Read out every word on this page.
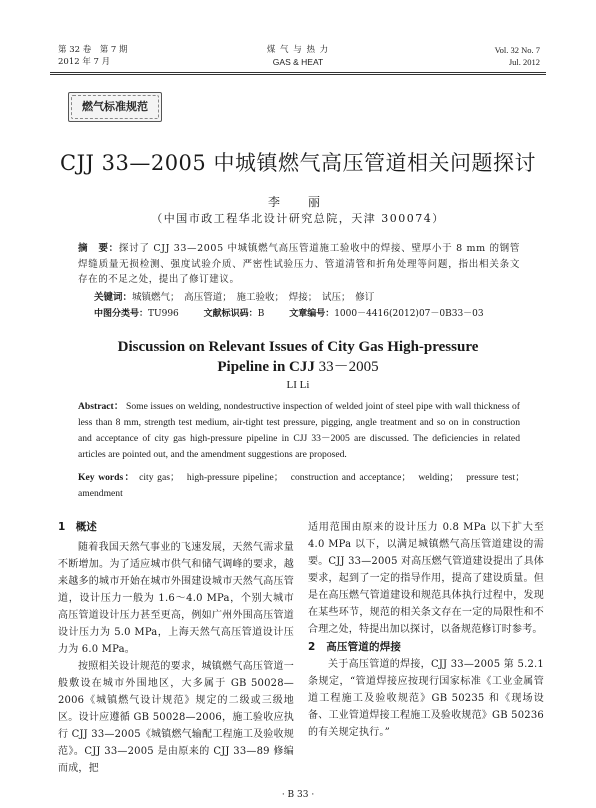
第 32 卷　第 7 期
2012 年 7 月
煤 气 与 热 力
GAS & HEAT
Vol. 32 No. 7
Jul. 2012
燃气标准规范
CJJ 33—2005 中城镇燃气高压管道相关问题探讨
李　丽
（中国市政工程华北设计研究总院，天津 300074）
摘　要：探讨了 CJJ 33—2005 中城镇燃气高压管道施工验收中的焊接、壁厚小于 8 mm 的钢管焊缝质量无损检测、强度试验介质、严密性试验压力、管道清管和折角处理等问题，指出相关条文存在的不足之处，提出了修订建议。
关键词：城镇燃气；　高压管道；　施工验收；　焊接；　试压；　修订
中图分类号：TU996	文献标识码：B	文章编号：1000－4416(2012)07－0B33－03
Discussion on Relevant Issues of City Gas High-pressure
Pipeline in CJJ 33－2005
LI Li
Abstract： Some issues on welding, nondestructive inspection of welded joint of steel pipe with wall thickness of less than 8 mm, strength test medium, air-tight test pressure, pigging, angle treatment and so on in construction and acceptance of city gas high-pressure pipeline in CJJ 33－2005 are discussed. The deficiencies in related articles are pointed out, and the amendment suggestions are proposed.
Key words： city gas；　high-pressure pipeline；　construction and acceptance；　welding；　pressure test；　amendment
1　概述
随着我国天然气事业的飞速发展，天然气需求量不断增加。为了适应城市供气和储气调峰的要求，越来越多的城市开始在城市外围建设城市天然气高压管道，设计压力一般为 1.6～4.0 MPa，个别大城市高压管道设计压力甚至更高，例如广州外围高压管道设计压力为 5.0 MPa，上海天然气高压管道设计压力为 6.0 MPa。
按照相关设计规范的要求，城镇燃气高压管道一般敷设在城市外围地区，大多属于 GB 50028—2006《城镇燃气设计规范》规定的二级或三级地区。设计应遵循 GB 50028—2006，施工验收应执行 CJJ 33—2005《城镇燃气输配工程施工及验收规范》。CJJ 33—2005 是由原来的 CJJ 33—89 修编而成，把
适用范围由原来的设计压力 0.8 MPa 以下扩大至 4.0 MPa 以下，以满足城镇燃气高压管道建设的需要。CJJ 33—2005 对高压燃气管道建设提出了具体要求，起到了一定的指导作用，提高了建设质量。但是在高压燃气管道建设和规范具体执行过程中，发现在某些环节，规范的相关条文存在一定的局限性和不合理之处，特提出加以探讨，以备规范修订时参考。
2　高压管道的焊接
关于高压管道的焊接，CJJ 33—2005 第 5.2.1 条规定，“管道焊接应按现行国家标准《工业金属管道工程施工及验收规范》GB 50235 和《现场设备、工业管道焊接工程施工及验收规范》GB 50236 的有关规定执行。”
· B 33 ·
